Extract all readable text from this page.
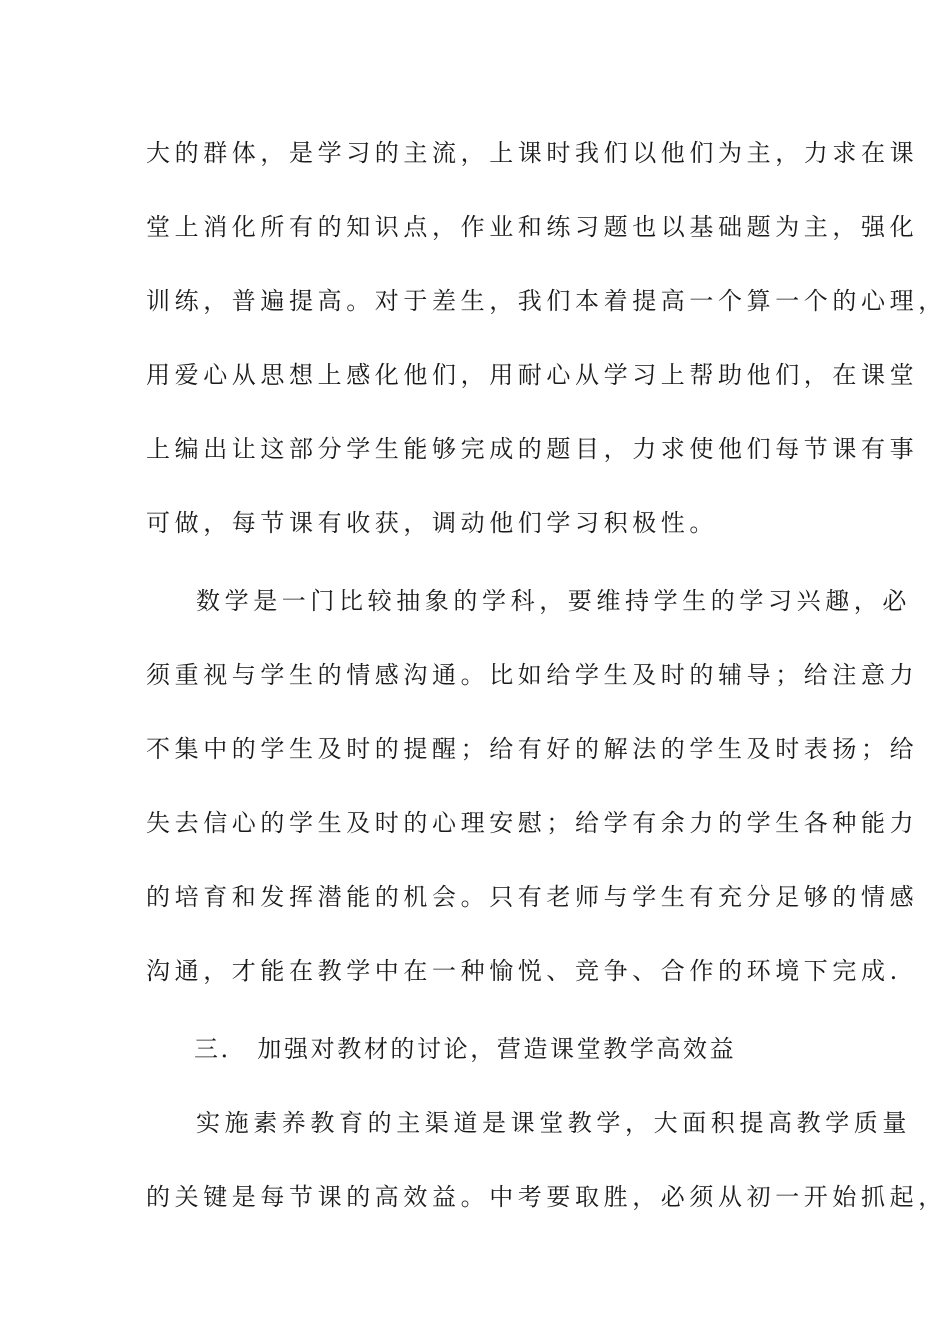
大的群体，是学习的主流，上课时我们以他们为主，力求在课
堂上消化所有的知识点，作业和练习题也以基础题为主，强化
训练，普遍提高。对于差生，我们本着提高一个算一个的心理，
用爱心从思想上感化他们，用耐心从学习上帮助他们，在课堂
上编出让这部分学生能够完成的题目，力求使他们每节课有事
可做，每节课有收获，调动他们学习积极性。
数学是一门比较抽象的学科，要维持学生的学习兴趣，必
须重视与学生的情感沟通。比如给学生及时的辅导；给注意力
不集中的学生及时的提醒；给有好的解法的学生及时表扬；给
失去信心的学生及时的心理安慰；给学有余力的学生各种能力
的培育和发挥潜能的机会。只有老师与学生有充分足够的情感
沟通，才能在教学中在一种愉悦、竞争、合作的环境下完成.
三． 加强对教材的讨论，营造课堂教学高效益
实施素养教育的主渠道是课堂教学，大面积提高教学质量
的关键是每节课的高效益。中考要取胜，必须从初一开始抓起，
